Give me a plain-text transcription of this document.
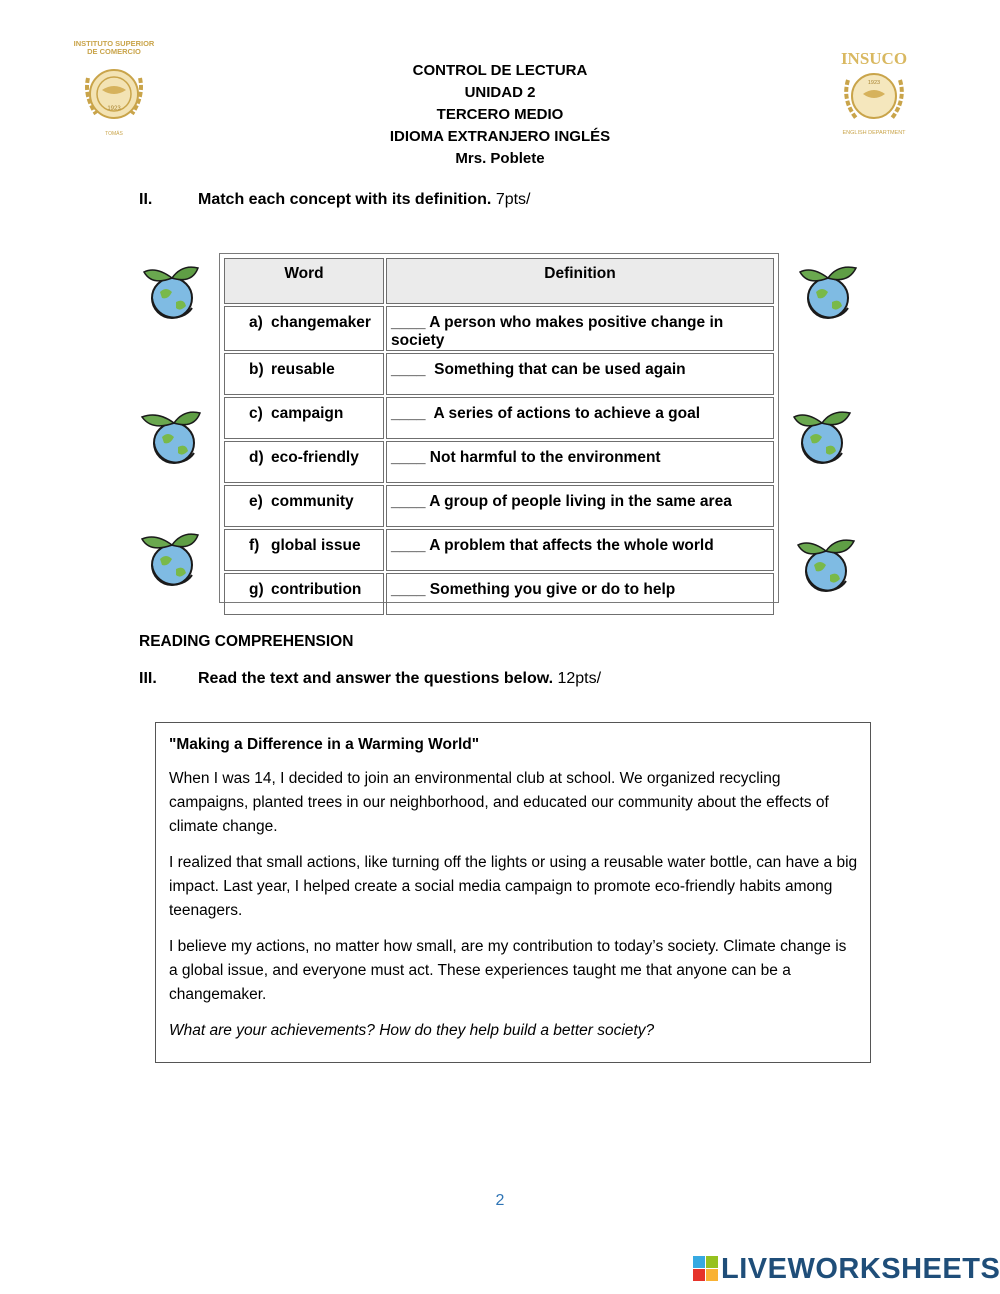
CONTROL DE LECTURA
UNIDAD 2
TERCERO MEDIO
IDIOMA EXTRANJERO INGLÉS
Mrs. Poblete
INSTITUTO SUPERIOR
DE COMERCIO
1923
TOMÁS
INSUCO
1923
ENGLISH DEPARTMENT
II.	Match each concept with its definition. 7pts/
Word	Definition
a) changemaker	____ A person who makes positive change in society
b) reusable	____ Something that can be used again
c) campaign	____ A series of actions to achieve a goal
d) eco-friendly	____ Not harmful to the environment
e) community	____ A group of people living in the same area
f) global issue	____ A problem that affects the whole world
g) contribution	____ Something you give or do to help
READING COMPREHENSION
III.	Read the text and answer the questions below. 12pts/

"Making a Difference in a Warming World"

When I was 14, I decided to join an environmental club at school. We organized recycling campaigns, planted trees in our neighborhood, and educated our community about the effects of climate change.

I realized that small actions, like turning off the lights or using a reusable water bottle, can have a big impact. Last year, I helped create a social media campaign to promote eco-friendly habits among teenagers.

I believe my actions, no matter how small, are my contribution to today’s society. Climate change is a global issue, and everyone must act. These experiences taught me that anyone can be a changemaker.

What are your achievements? How do they help build a better society?

2
LIVEWORKSHEETS
